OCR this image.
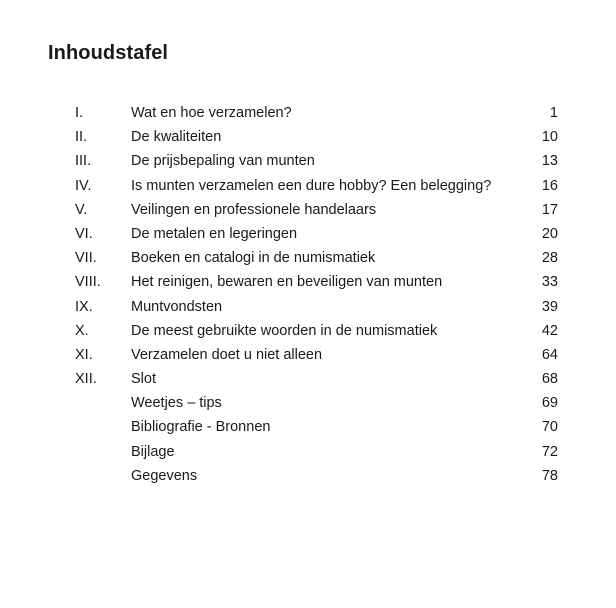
Inhoudstafel
I.	Wat en hoe verzamelen?	1
II.	De kwaliteiten	10
III.	De prijsbepaling van munten	13
IV.	Is munten verzamelen een dure hobby? Een belegging?	16
V.	Veilingen en professionele handelaars	17
VI.	De metalen en legeringen	20
VII. Boeken en catalogi in de numismatiek	28
VIII. Het reinigen, bewaren en beveiligen van munten	33
IX.	Muntvondsten	39
X.	De meest gebruikte woorden in de numismatiek	42
XI.	Verzamelen doet u niet alleen	64
XII. Slot	68
Weetjes – tips	69
Bibliografie - Bronnen	70
Bijlage	72
Gegevens	78
